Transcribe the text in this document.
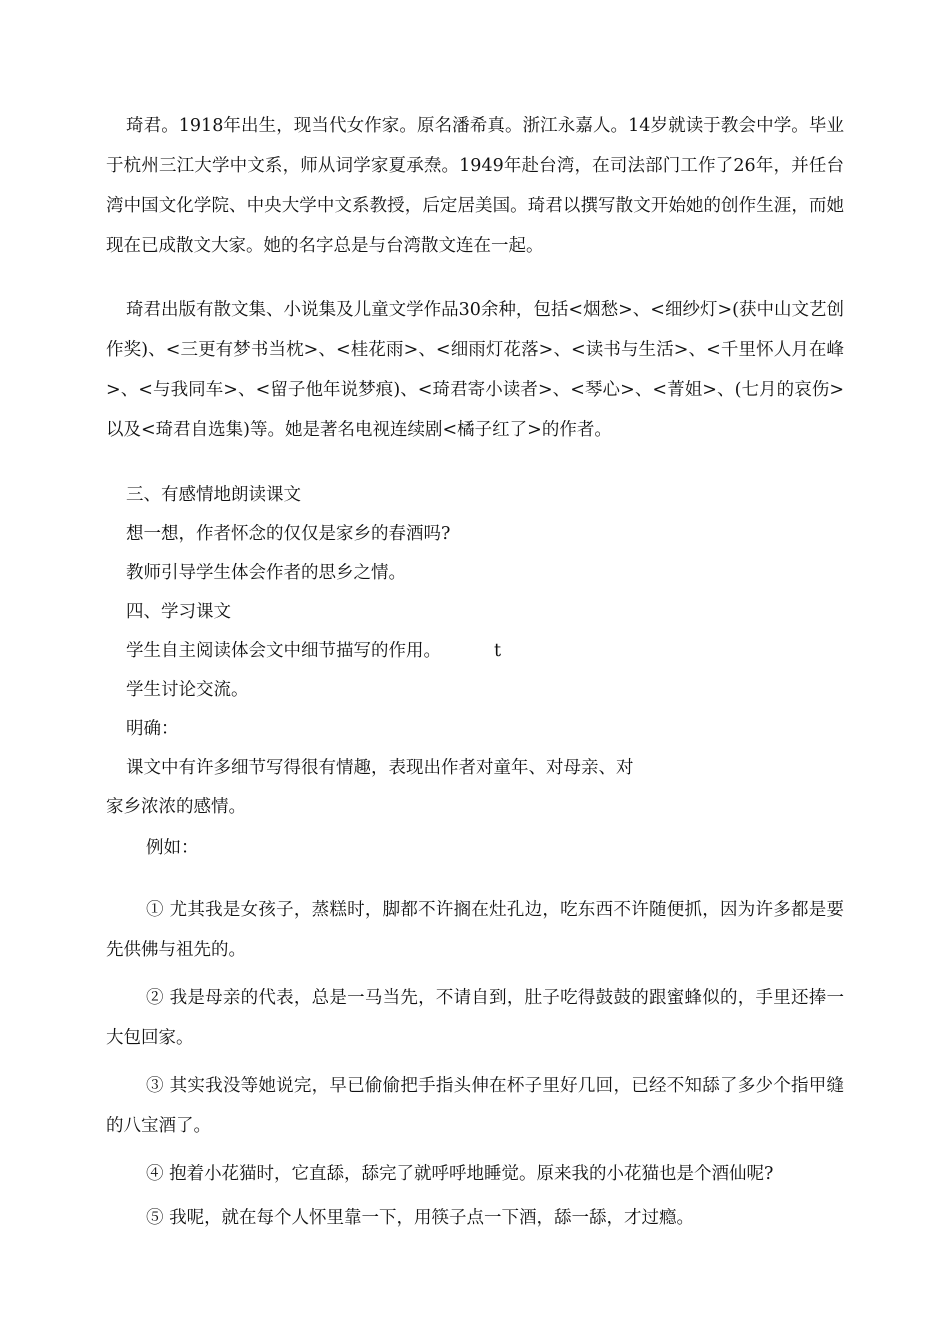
琦君。1918年出生，现当代女作家。原名潘希真。浙江永嘉人。14岁就读于教会中学。毕业于杭州三江大学中文系，师从词学家夏承焘。1949年赴台湾，在司法部门工作了26年，并任台湾中国文化学院、中央大学中文系教授，后定居美国。琦君以撰写散文开始她的创作生涯，而她现在已成散文大家。她的名字总是与台湾散文连在一起。

琦君出版有散文集、小说集及儿童文学作品30余种，包括<烟愁>、<细纱灯>(获中山文艺创作奖)、<三更有梦书当枕>、<桂花雨>、<细雨灯花落>、<读书与生活>、<千里怀人月在峰>、<与我同车>、<留子他年说梦痕)、<琦君寄小读者>、<琴心>、<菁姐>、(七月的哀伤>以及<琦君自选集)等。她是著名电视连续剧<橘子红了>的作者。

三、有感情地朗读课文

想一想，作者怀念的仅仅是家乡的春酒吗?

教师引导学生体会作者的思乡之情。

四、学习课文

学生自主阅读体会文中细节描写的作用。	t

学生讨论交流。

明确：

课文中有许多细节写得很有情趣，表现出作者对童年、对母亲、对

家乡浓浓的感情。

例如：

① 尤其我是女孩子，蒸糕时，脚都不许搁在灶孔边，吃东西不许随便抓，因为许多都是要先供佛与祖先的。

② 我是母亲的代表，总是一马当先，不请自到，肚子吃得鼓鼓的跟蜜蜂似的，手里还捧一大包回家。

③ 其实我没等她说完，早已偷偷把手指头伸在杯子里好几回，已经不知舔了多少个指甲缝的八宝酒了。

④ 抱着小花猫时，它直舔，舔完了就呼呼地睡觉。原来我的小花猫也是个酒仙呢?

⑤ 我呢，就在每个人怀里靠一下，用筷子点一下酒，舔一舔，才过瘾。
